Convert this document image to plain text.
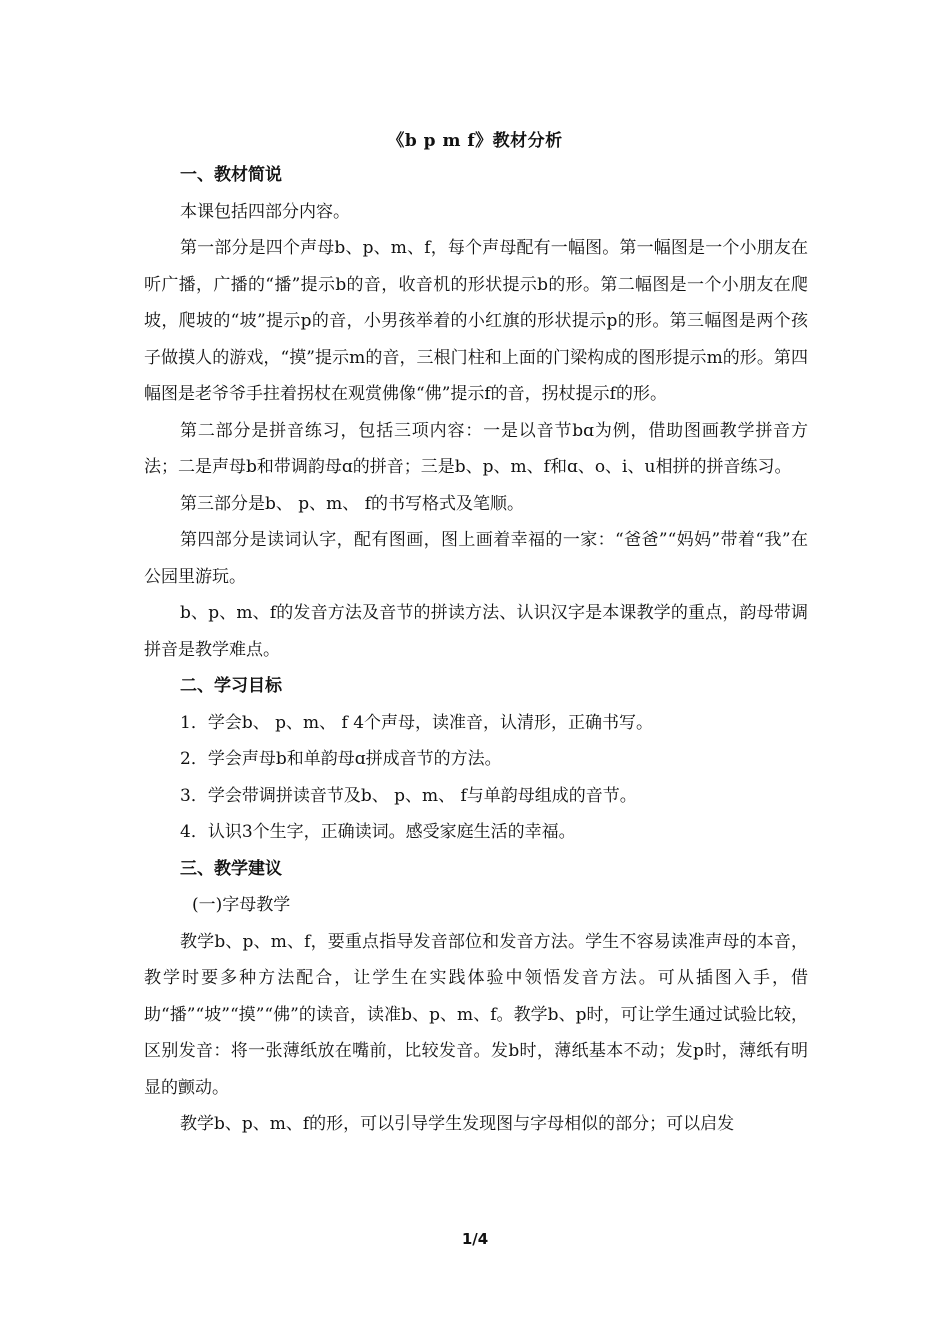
《b p m f》教材分析

一、教材简说

本课包括四部分内容。

第一部分是四个声母b、p、m、f，每个声母配有一幅图。第一幅图是一个小朋友在听广播，广播的“播”提示b的音，收音机的形状提示b的形。第二幅图是一个小朋友在爬坡，爬坡的“坡”提示p的音，小男孩举着的小红旗的形状提示p的形。第三幅图是两个孩子做摸人的游戏，“摸”提示m的音，三根门柱和上面的门梁构成的图形提示m的形。第四幅图是老爷爷手拄着拐杖在观赏佛像“佛”提示f的音，拐杖提示f的形。

第二部分是拼音练习，包括三项内容：一是以音节bɑ为例，借助图画教学拼音方法；二是声母b和带调韵母ɑ的拼音；三是b、p、m、f和ɑ、o、i、u相拼的拼音练习。

第三部分是b、 p、m、 f的书写格式及笔顺。

第四部分是读词认字，配有图画，图上画着幸福的一家：“爸爸”“妈妈”带着“我”在公园里游玩。

b、p、m、f的发音方法及音节的拼读方法、认识汉字是本课教学的重点，韵母带调拼音是教学难点。

二、学习目标

1．学会b、 p、m、 f 4个声母，读准音，认清形，正确书写。

2．学会声母b和单韵母ɑ拼成音节的方法。

3．学会带调拼读音节及b、 p、m、 f与单韵母组成的音节。

4．认识3个生字，正确读词。感受家庭生活的幸福。

三、教学建议

(一)字母教学

教学b、p、m、f，要重点指导发音部位和发音方法。学生不容易读准声母的本音，教学时要多种方法配合，让学生在实践体验中领悟发音方法。可从插图入手，借助“播”“坡”“摸”“佛”的读音，读准b、p、m、f。教学b、p时，可让学生通过试验比较，区别发音：将一张薄纸放在嘴前，比较发音。发b时，薄纸基本不动；发p时，薄纸有明显的颤动。

教学b、p、m、f的形，可以引导学生发现图与字母相似的部分；可以启发

1/4
